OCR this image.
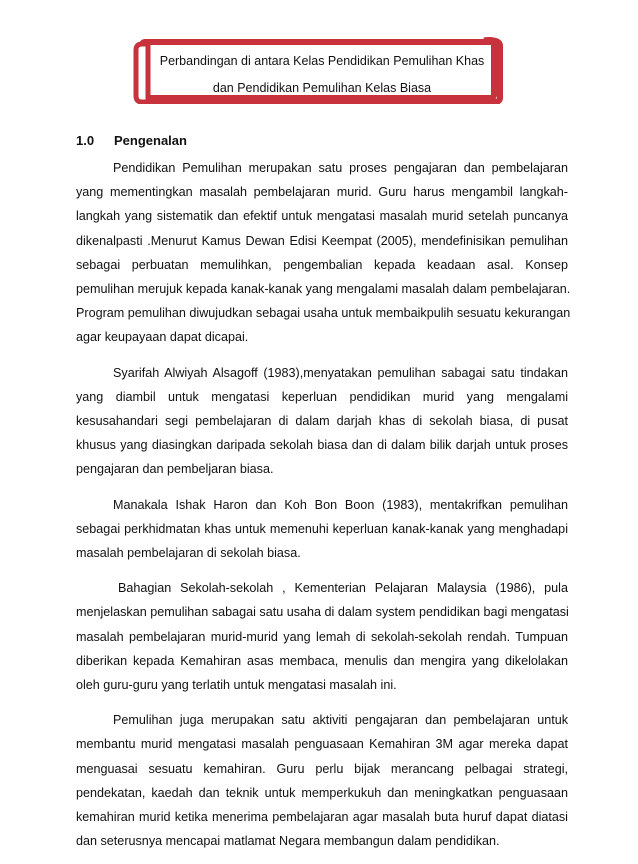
Perbandingan di antara Kelas Pendidikan Pemulihan Khas
dan Pendidikan Pemulihan Kelas Biasa
1.0 Pengenalan
Pendidikan Pemulihan merupakan satu proses pengajaran dan pembelajaran
yang mementingkan masalah pembelajaran murid. Guru harus mengambil langkah-
langkah yang sistematik dan efektif untuk mengatasi masalah murid setelah puncanya
dikenalpasti .Menurut Kamus Dewan Edisi Keempat (2005), mendefinisikan pemulihan
sebagai perbuatan memulihkan, pengembalian kepada keadaan asal. Konsep
pemulihan merujuk kepada kanak-kanak yang mengalami masalah dalam pembelajaran.
Program pemulihan diwujudkan sebagai usaha untuk membaikpulih sesuatu kekurangan
agar keupayaan dapat dicapai.
Syarifah Alwiyah Alsagoff (1983),menyatakan pemulihan sabagai satu tindakan
yang diambil untuk mengatasi keperluan pendidikan murid yang mengalami
kesusahandari segi pembelajaran di dalam darjah khas di sekolah biasa, di pusat
khusus yang diasingkan daripada sekolah biasa dan di dalam bilik darjah untuk proses
pengajaran dan pembeljaran biasa.
Manakala Ishak Haron dan Koh Bon Boon (1983), mentakrifkan pemulihan
sebagai perkhidmatan khas untuk memenuhi keperluan kanak-kanak yang menghadapi
masalah pembelajaran di sekolah biasa.
Bahagian Sekolah-sekolah , Kementerian Pelajaran Malaysia (1986), pula
menjelaskan pemulihan sabagai satu usaha di dalam system pendidikan bagi mengatasi
masalah pembelajaran murid-murid yang lemah di sekolah-sekolah rendah. Tumpuan
diberikan kepada Kemahiran asas membaca, menulis dan mengira yang dikelolakan
oleh guru-guru yang terlatih untuk mengatasi masalah ini.
Pemulihan juga merupakan satu aktiviti pengajaran dan pembelajaran untuk
membantu murid mengatasi masalah penguasaan Kemahiran 3M agar mereka dapat
menguasai sesuatu kemahiran. Guru perlu bijak merancang pelbagai strategi,
pendekatan, kaedah dan teknik untuk memperkukuh dan meningkatkan penguasaan
kemahiran murid ketika menerima pembelajaran agar masalah buta huruf dapat diatasi
dan seterusnya mencapai matlamat Negara membangun dalam pendidikan.
